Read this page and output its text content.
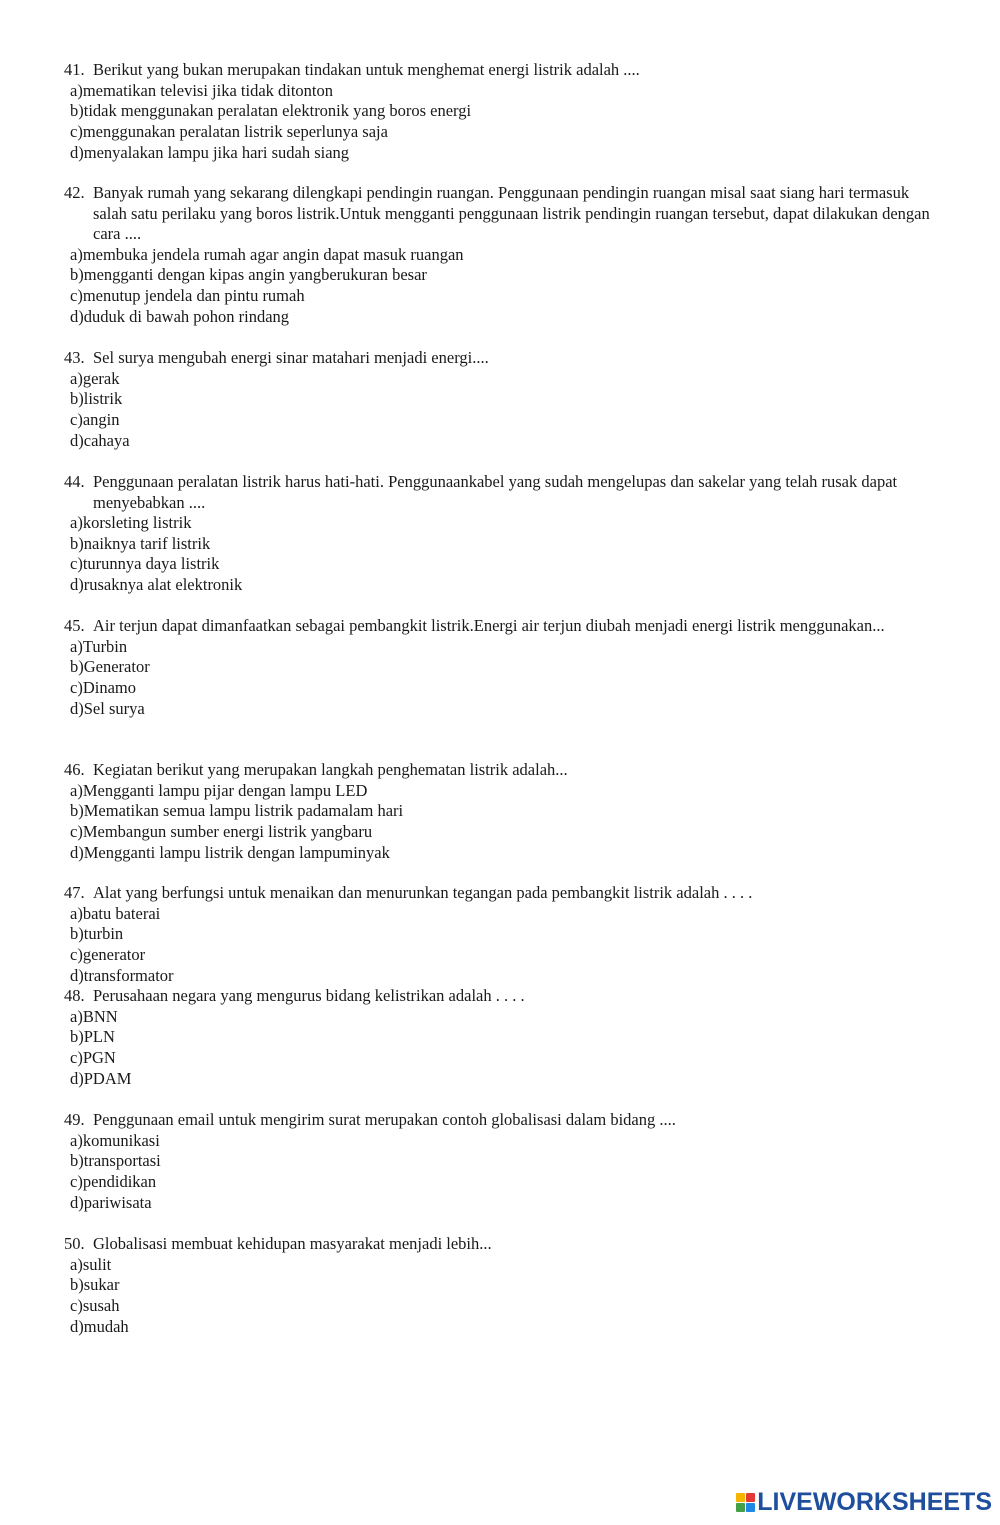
41. Berikut yang bukan merupakan tindakan untuk menghemat energi listrik adalah ....
a)mematikan televisi jika tidak ditonton
b)tidak menggunakan peralatan elektronik yang boros energi
c)menggunakan peralatan listrik seperlunya saja
d)menyalakan lampu jika hari sudah siang
42. Banyak rumah yang sekarang dilengkapi pendingin ruangan. Penggunaan pendingin ruangan misal saat siang hari termasuk salah satu perilaku yang boros listrik.Untuk mengganti penggunaan listrik pendingin ruangan tersebut, dapat dilakukan dengan cara ....
a)membuka jendela rumah agar angin dapat masuk ruangan
b)mengganti dengan kipas angin yangberukuran besar
c)menutup jendela dan pintu rumah
d)duduk di bawah pohon rindang
43. Sel surya mengubah energi sinar matahari menjadi energi....
a)gerak
b)listrik
c)angin
d)cahaya
44. Penggunaan peralatan listrik harus hati-hati. Penggunaankabel yang sudah mengelupas dan sakelar yang telah rusak dapat menyebabkan ....
a)korsleting listrik
b)naiknya tarif listrik
c)turunnya daya listrik
d)rusaknya alat elektronik
45. Air terjun dapat dimanfaatkan sebagai pembangkit listrik.Energi air terjun diubah menjadi energi listrik menggunakan...
a)Turbin
b)Generator
c)Dinamo
d)Sel surya
46. Kegiatan berikut yang merupakan langkah penghematan listrik adalah...
a)Mengganti lampu pijar dengan lampu LED
b)Mematikan semua lampu listrik padamalam hari
c)Membangun sumber energi listrik yangbaru
d)Mengganti lampu listrik dengan lampuminyak
47. Alat yang berfungsi untuk menaikan dan menurunkan tegangan pada pembangkit listrik adalah . . . .
a)batu baterai
b)turbin
c)generator
d)transformator
48. Perusahaan negara yang mengurus bidang kelistrikan adalah . . . .
a)BNN
b)PLN
c)PGN
d)PDAM
49. Penggunaan email untuk mengirim surat merupakan contoh globalisasi dalam bidang ....
a)komunikasi
b)transportasi
c)pendidikan
d)pariwisata
50. Globalisasi membuat kehidupan masyarakat menjadi lebih...
a)sulit
b)sukar
c)susah
d)mudah
LIVEWORKSHEETS
